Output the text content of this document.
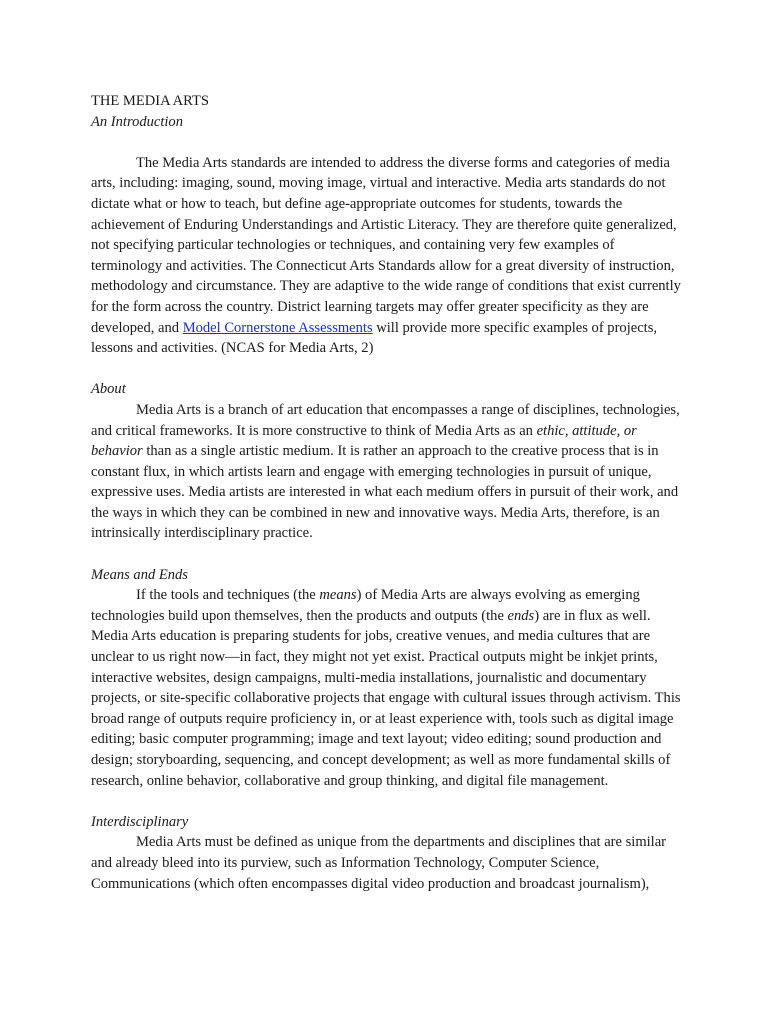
THE MEDIA ARTS

An Introduction

The Media Arts standards are intended to address the diverse forms and categories of media arts, including: imaging, sound, moving image, virtual and interactive. Media arts standards do not dictate what or how to teach, but define age-appropriate outcomes for students, towards the achievement of Enduring Understandings and Artistic Literacy. They are therefore quite generalized, not specifying particular technologies or techniques, and containing very few examples of terminology and activities. The Connecticut Arts Standards allow for a great diversity of instruction, methodology and circumstance. They are adaptive to the wide range of conditions that exist currently for the form across the country. District learning targets may offer greater specificity as they are developed, and Model Cornerstone Assessments will provide more specific examples of projects, lessons and activities. (NCAS for Media Arts, 2)

About

Media Arts is a branch of art education that encompasses a range of disciplines, technologies, and critical frameworks. It is more constructive to think of Media Arts as an ethic, attitude, or behavior than as a single artistic medium. It is rather an approach to the creative process that is in constant flux, in which artists learn and engage with emerging technologies in pursuit of unique, expressive uses. Media artists are interested in what each medium offers in pursuit of their work, and the ways in which they can be combined in new and innovative ways. Media Arts, therefore, is an intrinsically interdisciplinary practice.

Means and Ends

If the tools and techniques (the means) of Media Arts are always evolving as emerging technologies build upon themselves, then the products and outputs (the ends) are in flux as well. Media Arts education is preparing students for jobs, creative venues, and media cultures that are unclear to us right now—in fact, they might not yet exist. Practical outputs might be inkjet prints, interactive websites, design campaigns, multi-media installations, journalistic and documentary projects, or site-specific collaborative projects that engage with cultural issues through activism. This broad range of outputs require proficiency in, or at least experience with, tools such as digital image editing; basic computer programming; image and text layout; video editing; sound production and design; storyboarding, sequencing, and concept development; as well as more fundamental skills of research, online behavior, collaborative and group thinking, and digital file management.

Interdisciplinary

Media Arts must be defined as unique from the departments and disciplines that are similar and already bleed into its purview, such as Information Technology, Computer Science, Communications (which often encompasses digital video production and broadcast journalism),
